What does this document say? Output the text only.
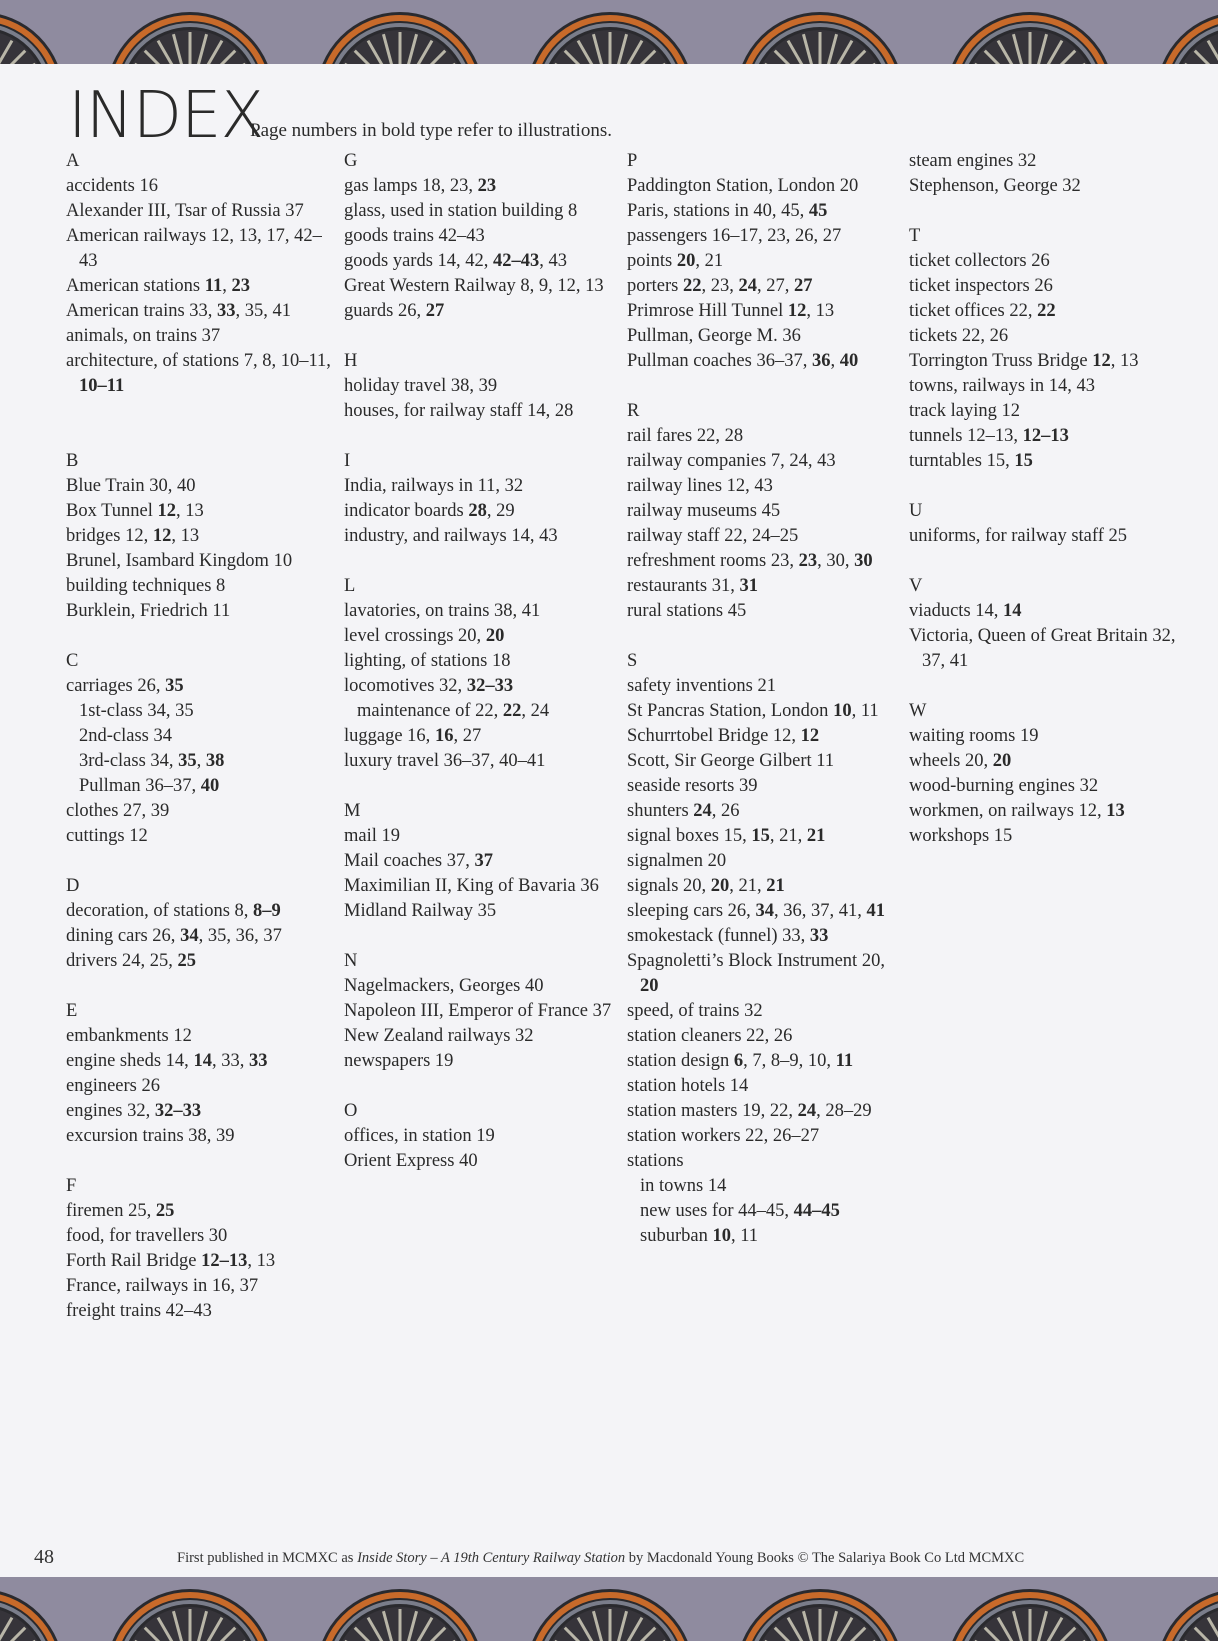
INDEX

Page numbers in bold type refer to illustrations.

A

accidents 16

Alexander III, Tsar of Russia 37

American railways 12, 13, 17, 42–43

American stations 11, 23

American trains 33, 33, 35, 41

animals, on trains 37

architecture, of stations 7, 8, 10–11, 10–11

B

Blue Train 30, 40

Box Tunnel 12, 13

bridges 12, 12, 13

Brunel, Isambard Kingdom 10

building techniques 8

Burklein, Friedrich 11

C

carriages 26, 35

1st-class 34, 35

2nd-class 34

3rd-class 34, 35, 38

Pullman 36–37, 40

clothes 27, 39

cuttings 12

D

decoration, of stations 8, 8–9

dining cars 26, 34, 35, 36, 37

drivers 24, 25, 25

E

embankments 12

engine sheds 14, 14, 33, 33

engineers 26

engines 32, 32–33

excursion trains 38, 39

F

firemen 25, 25

food, for travellers 30

Forth Rail Bridge 12–13, 13

France, railways in 16, 37

freight trains 42–43

G

gas lamps 18, 23, 23

glass, used in station building 8

goods trains 42–43

goods yards 14, 42, 42–43, 43

Great Western Railway 8, 9, 12, 13

guards 26, 27

H

holiday travel 38, 39

houses, for railway staff 14, 28

I

India, railways in 11, 32

indicator boards 28, 29

industry, and railways 14, 43

L

lavatories, on trains 38, 41

level crossings 20, 20

lighting, of stations 18

locomotives 32, 32–33

maintenance of 22, 22, 24

luggage 16, 16, 27

luxury travel 36–37, 40–41

M

mail 19

Mail coaches 37, 37

Maximilian II, King of Bavaria 36

Midland Railway 35

N

Nagelmackers, Georges 40

Napoleon III, Emperor of France 37

New Zealand railways 32

newspapers 19

O

offices, in station 19

Orient Express 40

P

Paddington Station, London 20

Paris, stations in 40, 45, 45

passengers 16–17, 23, 26, 27

points 20, 21

porters 22, 23, 24, 27, 27

Primrose Hill Tunnel 12, 13

Pullman, George M. 36

Pullman coaches 36–37, 36, 40

R

rail fares 22, 28

railway companies 7, 24, 43

railway lines 12, 43

railway museums 45

railway staff 22, 24–25

refreshment rooms 23, 23, 30, 30

restaurants 31, 31

rural stations 45

S

safety inventions 21

St Pancras Station, London 10, 11

Schurrtobel Bridge 12, 12

Scott, Sir George Gilbert 11

seaside resorts 39

shunters 24, 26

signal boxes 15, 15, 21, 21

signalmen 20

signals 20, 20, 21, 21

sleeping cars 26, 34, 36, 37, 41, 41

smokestack (funnel) 33, 33

Spagnoletti’s Block Instrument 20, 20

speed, of trains 32

station cleaners 22, 26

station design 6, 7, 8–9, 10, 11

station hotels 14

station masters 19, 22, 24, 28–29

station workers 22, 26–27

stations

in towns 14

new uses for 44–45, 44–45

suburban 10, 11

steam engines 32

Stephenson, George 32

T

ticket collectors 26

ticket inspectors 26

ticket offices 22, 22

tickets 22, 26

Torrington Truss Bridge 12, 13

towns, railways in 14, 43

track laying 12

tunnels 12–13, 12–13

turntables 15, 15

U

uniforms, for railway staff 25

V

viaducts 14, 14

Victoria, Queen of Great Britain 32, 37, 41

W

waiting rooms 19

wheels 20, 20

wood-burning engines 32

workmen, on railways 12, 13

workshops 15

48	First published in MCMXC as Inside Story – A 19th Century Railway Station by Macdonald Young Books © The Salariya Book Co Ltd MCMXC
